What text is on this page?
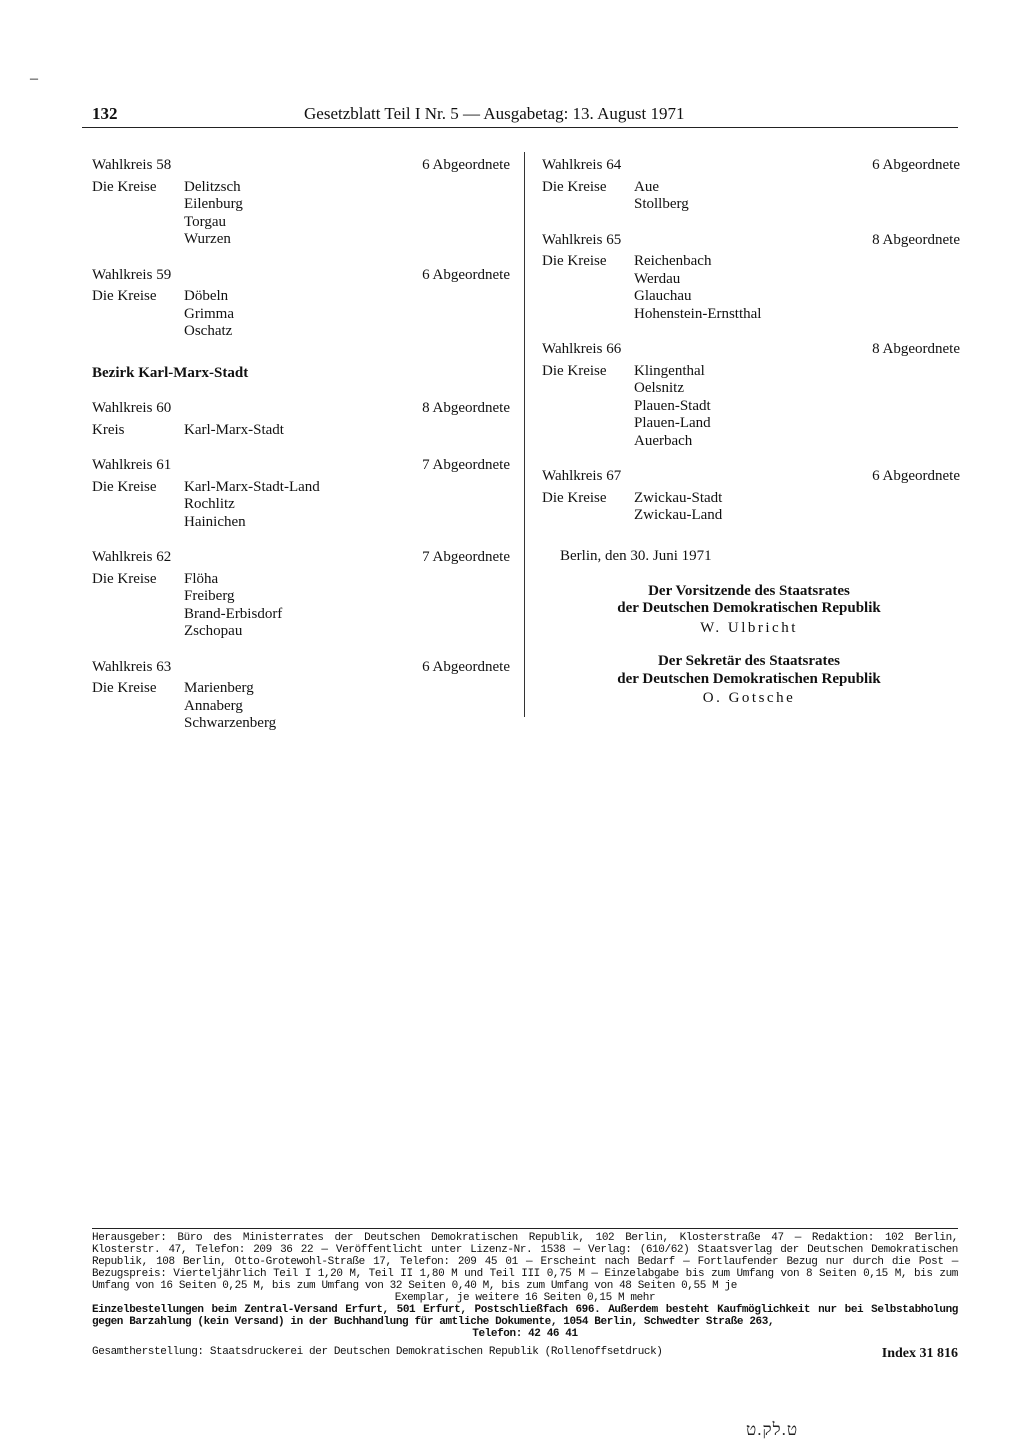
–
132	Gesetzblatt Teil I Nr. 5 — Ausgabetag: 13. August 1971
Wahlkreis 58	6 Abgeordnete
Die Kreise	Delitzsch
Eilenburg
Torgau
Wurzen
Wahlkreis 59	6 Abgeordnete
Die Kreise	Döbeln
Grimma
Oschatz
Bezirk Karl-Marx-Stadt
Wahlkreis 60	8 Abgeordnete
Kreis	Karl-Marx-Stadt
Wahlkreis 61	7 Abgeordnete
Die Kreise	Karl-Marx-Stadt-Land
Rochlitz
Hainichen
Wahlkreis 62	7 Abgeordnete
Die Kreise	Flöha
Freiberg
Brand-Erbisdorf
Zschopau
Wahlkreis 63	6 Abgeordnete
Die Kreise	Marienberg
Annaberg
Schwarzenberg
Wahlkreis 64	6 Abgeordnete
Die Kreise	Aue
Stollberg
Wahlkreis 65	8 Abgeordnete
Die Kreise	Reichenbach
Werdau
Glauchau
Hohenstein-Ernstthal
Wahlkreis 66	8 Abgeordnete
Die Kreise	Klingenthal
Oelsnitz
Plauen-Stadt
Plauen-Land
Auerbach
Wahlkreis 67	6 Abgeordnete
Die Kreise	Zwickau-Stadt
Zwickau-Land
Berlin, den 30. Juni 1971
Der Vorsitzende des Staatsrates
der Deutschen Demokratischen Republik
W. Ulbricht
Der Sekretär des Staatsrates
der Deutschen Demokratischen Republik
O. Gotsche
Herausgeber: Büro des Ministerrates der Deutschen Demokratischen Republik, 102 Berlin, Klosterstraße 47 — Redaktion: 102 Berlin, Klosterstr. 47, Telefon: 209 36 22 — Veröffentlicht unter Lizenz-Nr. 1538 — Verlag: (610/62) Staatsverlag der Deutschen Demokratischen Republik, 108 Berlin, Otto-Grotewohl-Straße 17, Telefon: 209 45 01 — Erscheint nach Bedarf — Fortlaufender Bezug nur durch die Post — Bezugspreis: Vierteljährlich Teil I 1,20 M, Teil II 1,80 M und Teil III 0,75 M — Einzelabgabe bis zum Umfang von 8 Seiten 0,15 M, bis zum Umfang von 16 Seiten 0,25 M, bis zum Umfang von 32 Seiten 0,40 M, bis zum Umfang von 48 Seiten 0,55 M je
Exemplar, je weitere 16 Seiten 0,15 M mehr
Einzelbestellungen beim Zentral-Versand Erfurt, 501 Erfurt, Postschließfach 696. Außerdem besteht Kaufmöglichkeit nur bei Selbstabholung gegen Barzahlung (kein Versand) in der Buchhandlung für amtliche Dokumente, 1054 Berlin, Schwedter Straße 263,
Telefon: 42 46 41
Gesamtherstellung: Staatsdruckerei der Deutschen Demokratischen Republik (Rollenoffsetdruck)	Index 31 816
ט.לק.ט
